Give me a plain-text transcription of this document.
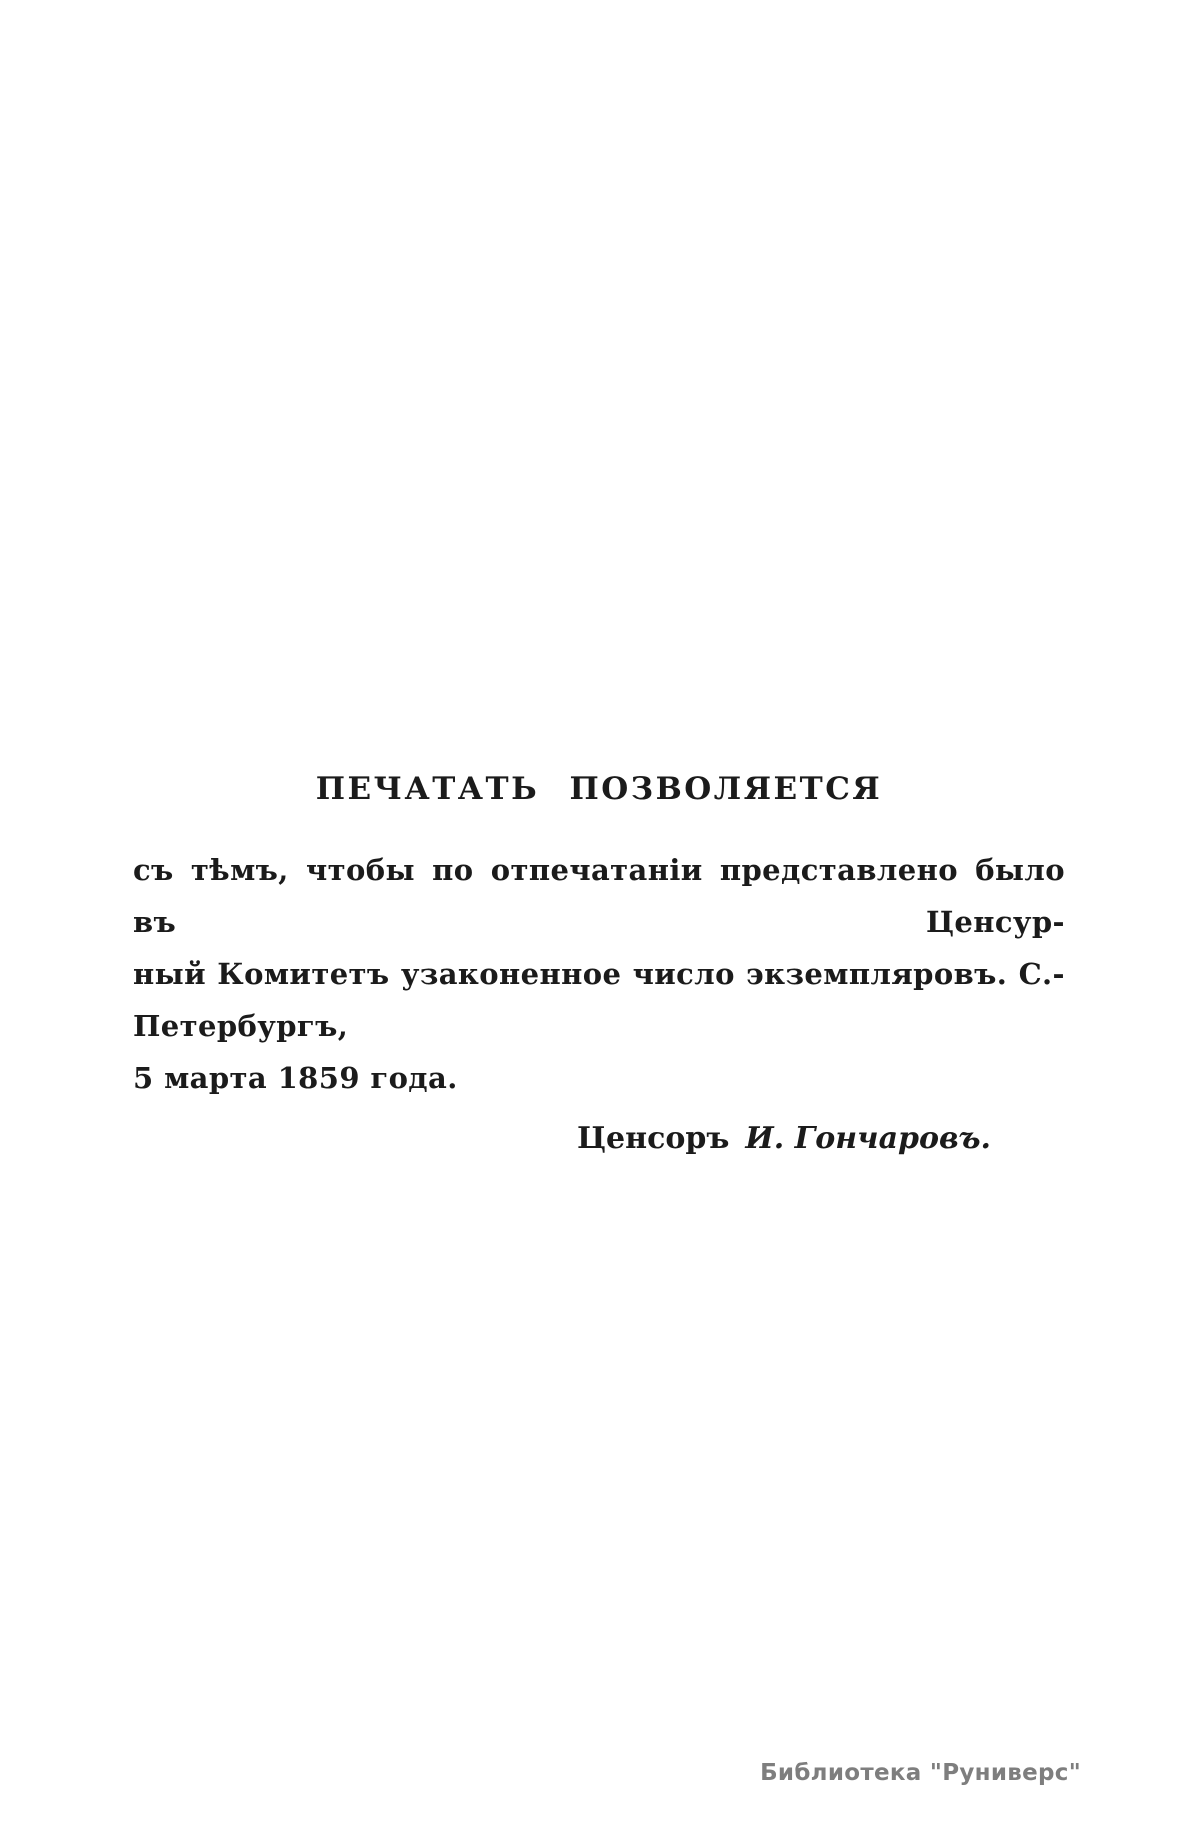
ПЕЧАТАТЬ ПОЗВОЛЯЕТСЯ
съ тѣмъ, чтобы по отпечатаніи представлено было въ Ценсур-
ный Комитетъ узаконенное число экземпляровъ. С.-Петербургъ,
5 марта 1859 года.
Ценсоръ И. Гончаровъ.
Библиотека "Руниверс"
